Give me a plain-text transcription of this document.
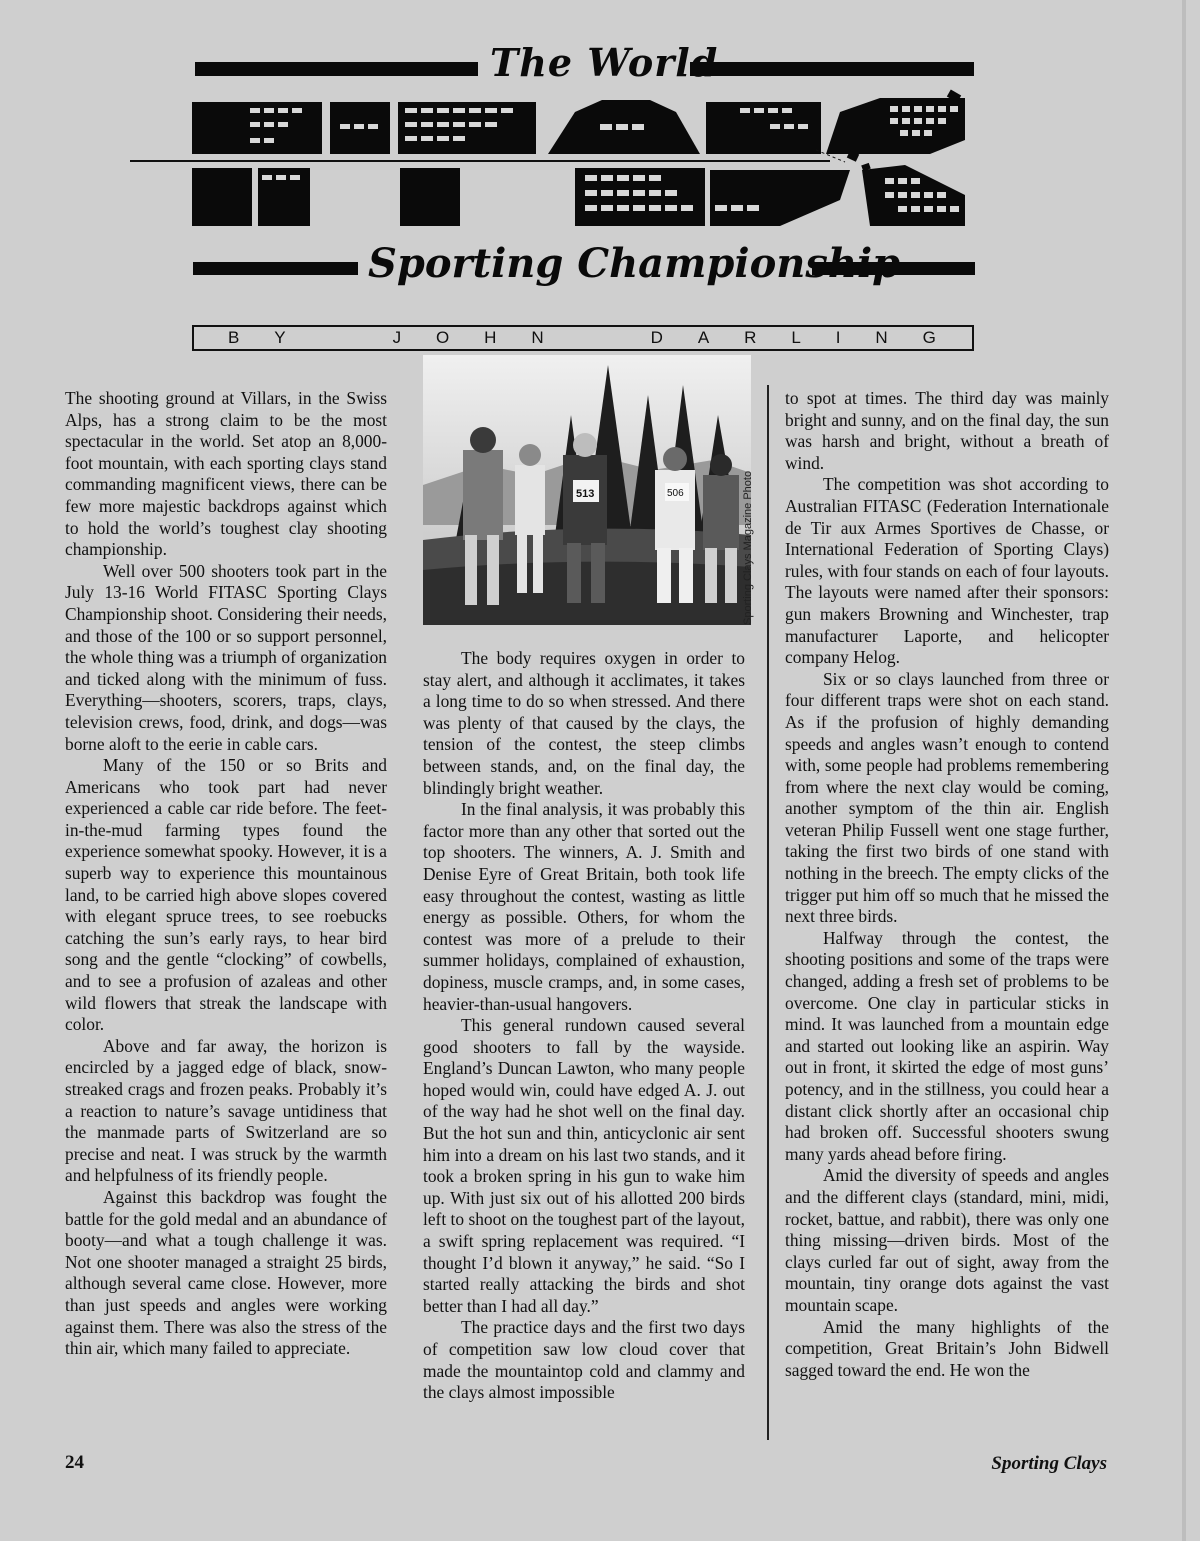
The World
Sporting Championship
B Y	J O H N	D A R L I N G
513	506	Sporting Clays Magazine Photo

The shooting ground at Villars, in the Swiss Alps, has a strong claim to be the most spectacular in the world. Set atop an 8,000-foot mountain, with each sporting clays stand commanding magnificent views, there can be few more majestic backdrops against which to hold the world’s toughest clay shooting championship.

Well over 500 shooters took part in the July 13-16 World FITASC Sporting Clays Championship shoot. Considering their needs, and those of the 100 or so support personnel, the whole thing was a triumph of organization and ticked along with the minimum of fuss. Everything—shooters, scorers, traps, clays, television crews, food, drink, and dogs—was borne aloft to the eerie in cable cars.

Many of the 150 or so Brits and Americans who took part had never experienced a cable car ride before. The feet-in-the-mud farming types found the experience somewhat spooky. However, it is a superb way to experience this mountainous land, to be carried high above slopes covered with elegant spruce trees, to see roebucks catching the sun’s early rays, to hear bird song and the gentle “clocking” of cowbells, and to see a profusion of azaleas and other wild flowers that streak the landscape with color.

Above and far away, the horizon is encircled by a jagged edge of black, snow-streaked crags and frozen peaks. Probably it’s a reaction to nature’s savage untidiness that the manmade parts of Switzerland are so precise and neat. I was struck by the warmth and helpfulness of its friendly people.

Against this backdrop was fought the battle for the gold medal and an abundance of booty—and what a tough challenge it was. Not one shooter managed a straight 25 birds, although several came close. However, more than just speeds and angles were working against them. There was also the stress of the thin air, which many failed to appreciate.

The body requires oxygen in order to stay alert, and although it acclimates, it takes a long time to do so when stressed. And there was plenty of that caused by the clays, the tension of the contest, the steep climbs between stands, and, on the final day, the blindingly bright weather.

In the final analysis, it was probably this factor more than any other that sorted out the top shooters. The winners, A. J. Smith and Denise Eyre of Great Britain, both took life easy throughout the contest, wasting as little energy as possible. Others, for whom the contest was more of a prelude to their summer holidays, complained of exhaustion, dopiness, muscle cramps, and, in some cases, heavier-than-usual hangovers.

This general rundown caused several good shooters to fall by the wayside. England’s Duncan Lawton, who many people hoped would win, could have edged A. J. out of the way had he shot well on the final day. But the hot sun and thin, anticyclonic air sent him into a dream on his last two stands, and it took a broken spring in his gun to wake him up. With just six out of his allotted 200 birds left to shoot on the toughest part of the layout, a swift spring replacement was required. “I thought I’d blown it anyway,” he said. “So I started really attacking the birds and shot better than I had all day.”

The practice days and the first two days of competition saw low cloud cover that made the mountaintop cold and clammy and the clays almost impossible

to spot at times. The third day was mainly bright and sunny, and on the final day, the sun was harsh and bright, without a breath of wind.

The competition was shot according to Australian FITASC (Federation Internationale de Tir aux Armes Sportives de Chasse, or International Federation of Sporting Clays) rules, with four stands on each of four layouts. The layouts were named after their sponsors: gun makers Browning and Winchester, trap manufacturer Laporte, and helicopter company Helog.

Six or so clays launched from three or four different traps were shot on each stand. As if the profusion of highly demanding speeds and angles wasn’t enough to contend with, some people had problems remembering from where the next clay would be coming, another symptom of the thin air. English veteran Philip Fussell went one stage further, taking the first two birds of one stand with nothing in the breech. The empty clicks of the trigger put him off so much that he missed the next three birds.

Halfway through the contest, the shooting positions and some of the traps were changed, adding a fresh set of problems to be overcome. One clay in particular sticks in mind. It was launched from a mountain edge and started out looking like an aspirin. Way out in front, it skirted the edge of most guns’ potency, and in the stillness, you could hear a distant click shortly after an occasional chip had broken off. Successful shooters swung many yards ahead before firing.

Amid the diversity of speeds and angles and the different clays (standard, mini, midi, rocket, battue, and rabbit), there was only one thing missing—driven birds. Most of the clays curled far out of sight, away from the mountain, tiny orange dots against the vast mountain scape.

Amid the many highlights of the competition, Great Britain’s John Bidwell sagged toward the end. He won the

24	Sporting Clays
